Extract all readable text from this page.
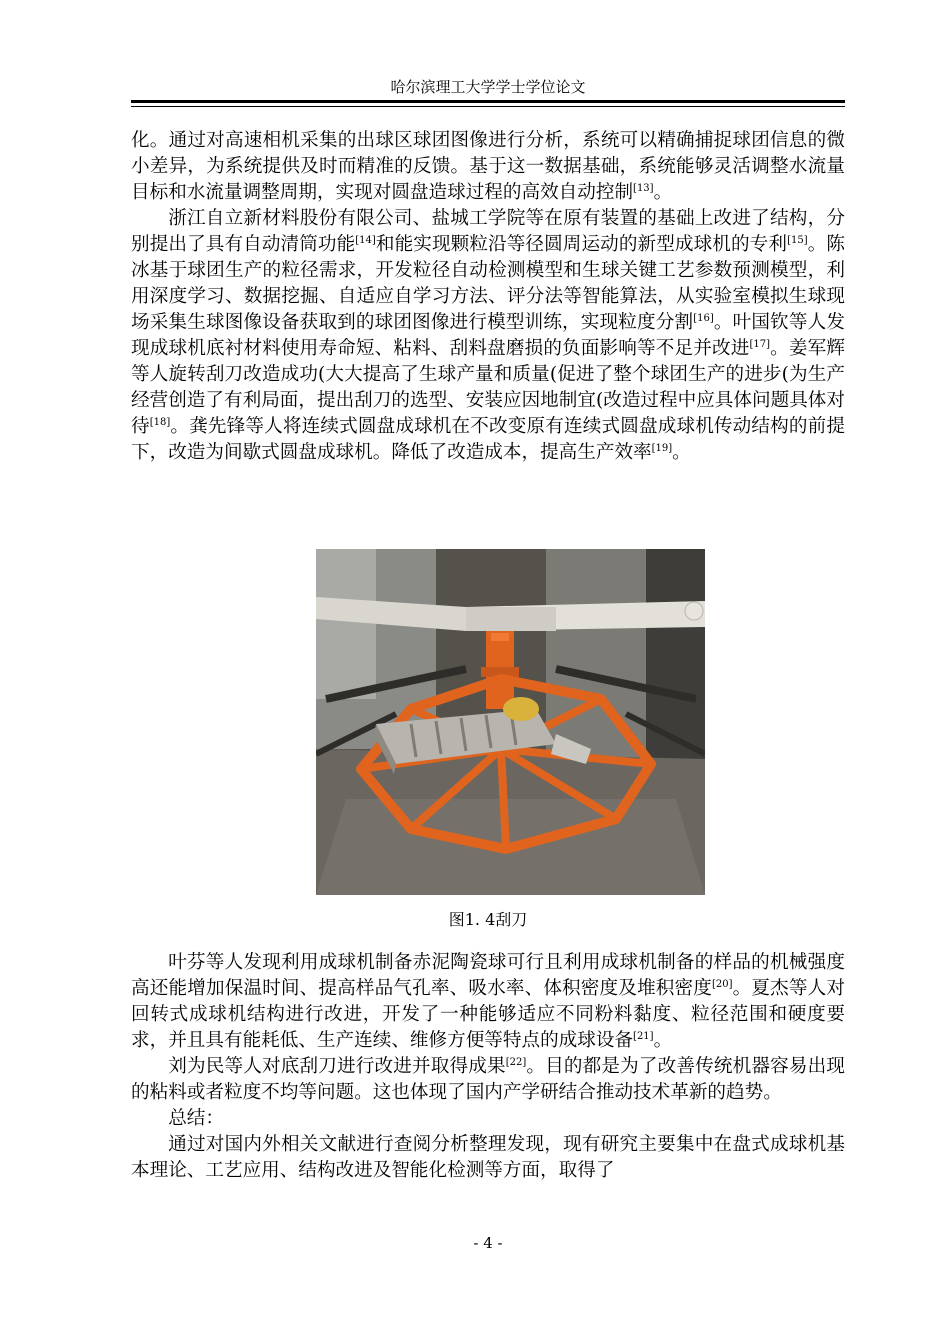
哈尔滨理工大学学士学位论文

化。通过对高速相机采集的出球区球团图像进行分析，系统可以精确捕捉球团信息的微小差异，为系统提供及时而精准的反馈。基于这一数据基础，系统能够灵活调整水流量目标和水流量调整周期，实现对圆盘造球过程的高效自动控制[13]。

浙江自立新材料股份有限公司、盐城工学院等在原有装置的基础上改进了结构，分别提出了具有自动清筒功能[14]和能实现颗粒沿等径圆周运动的新型成球机的专利[15]。陈冰基于球团生产的粒径需求，开发粒径自动检测模型和生球关键工艺参数预测模型，利用深度学习、数据挖掘、自适应自学习方法、评分法等智能算法，从实验室模拟生球现场采集生球图像设备获取到的球团图像进行模型训练，实现粒度分割[16]。叶国钦等人发现成球机底衬材料使用寿命短、粘料、刮料盘磨损的负面影响等不足并改进[17]。姜军辉等人旋转刮刀改造成功(大大提高了生球产量和质量(促进了整个球团生产的进步(为生产经营创造了有利局面，提出刮刀的选型、安装应因地制宜(改造过程中应具体问题具体对待[18]。龚先锋等人将连续式圆盘成球机在不改变原有连续式圆盘成球机传动结构的前提下，改造为间歇式圆盘成球机。降低了改造成本，提高生产效率[19]。

图1. 4刮刀

叶芬等人发现利用成球机制备赤泥陶瓷球可行且利用成球机制备的样品的机械强度高还能增加保温时间、提高样品气孔率、吸水率、体积密度及堆积密度[20]。夏杰等人对回转式成球机结构进行改进，开发了一种能够适应不同粉料黏度、粒径范围和硬度要求，并且具有能耗低、生产连续、维修方便等特点的成球设备[21]。

刘为民等人对底刮刀进行改进并取得成果[22]。目的都是为了改善传统机器容易出现的粘料或者粒度不均等问题。这也体现了国内产学研结合推动技术革新的趋势。

总结：

通过对国内外相关文献进行查阅分析整理发现，现有研究主要集中在盘式成球机基本理论、工艺应用、结构改进及智能化检测等方面，取得了

- 4 -
